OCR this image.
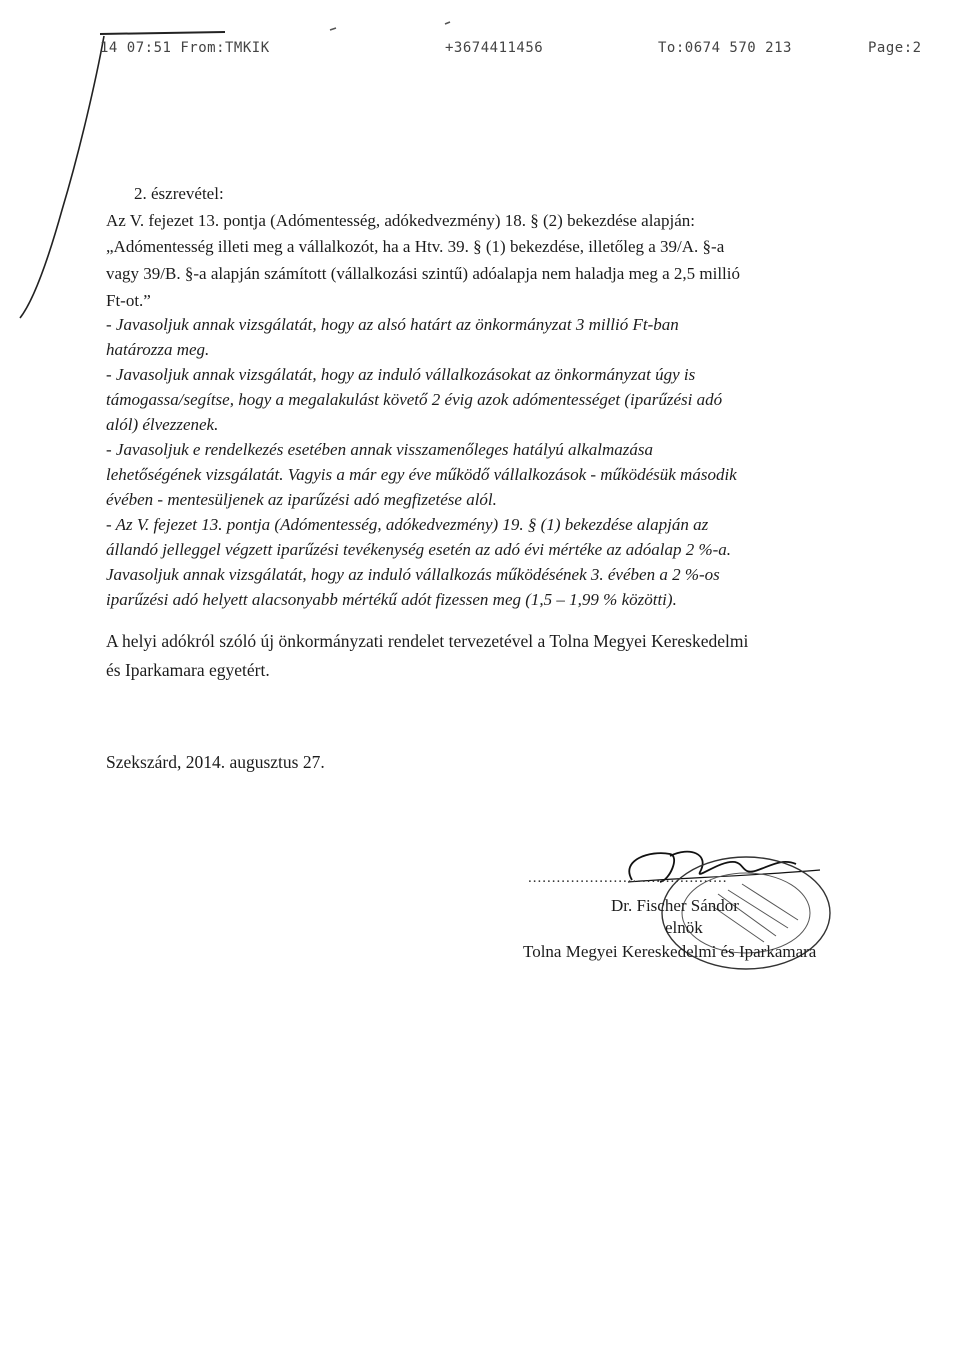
14 07:51 From:TMKIK	+3674411456	To:0674 570 213	Page:2
2. észrevétel:
Az V. fejezet 13. pontja (Adómentesség, adókedvezmény) 18. § (2) bekezdése alapján:
„Adómentesség illeti meg a vállalkozót, ha a Htv. 39. § (1) bekezdése, illetőleg a 39/A. §-a
vagy 39/B. §-a alapján számított (vállalkozási szintű) adóalapja nem haladja meg a 2,5 millió
Ft-ot.”
- Javasoljuk annak vizsgálatát, hogy az alsó határt az önkormányzat 3 millió Ft-ban
határozza meg.
- Javasoljuk annak vizsgálatát, hogy az induló vállalkozásokat az önkormányzat úgy is
támogassa/segítse, hogy a megalakulást követő 2 évig azok adómentességet (iparűzési adó
alól) élvezzenek.
- Javasoljuk e rendelkezés esetében annak visszamenőleges hatályú alkalmazása
lehetőségének vizsgálatát. Vagyis a már egy éve működő vállalkozások - működésük második
évében - mentesüljenek az iparűzési adó megfizetése alól.
- Az V. fejezet 13. pontja (Adómentesség, adókedvezmény) 19. § (1) bekezdése alapján az
állandó jelleggel végzett iparűzési tevékenység esetén az adó évi mértéke az adóalap 2 %-a.
Javasoljuk annak vizsgálatát, hogy az induló vállalkozás működésének 3. évében a 2 %-os
iparűzési adó helyett alacsonyabb mértékű adót fizessen meg (1,5 – 1,99 % közötti).
A helyi adókról szóló új önkormányzati rendelet tervezetével a Tolna Megyei Kereskedelmi
és Iparkamara egyetért.
Szekszárd, 2014. augusztus 27.
..........................................
Dr. Fischer Sándor
elnök
Tolna Megyei Kereskedelmi és Iparkamara
